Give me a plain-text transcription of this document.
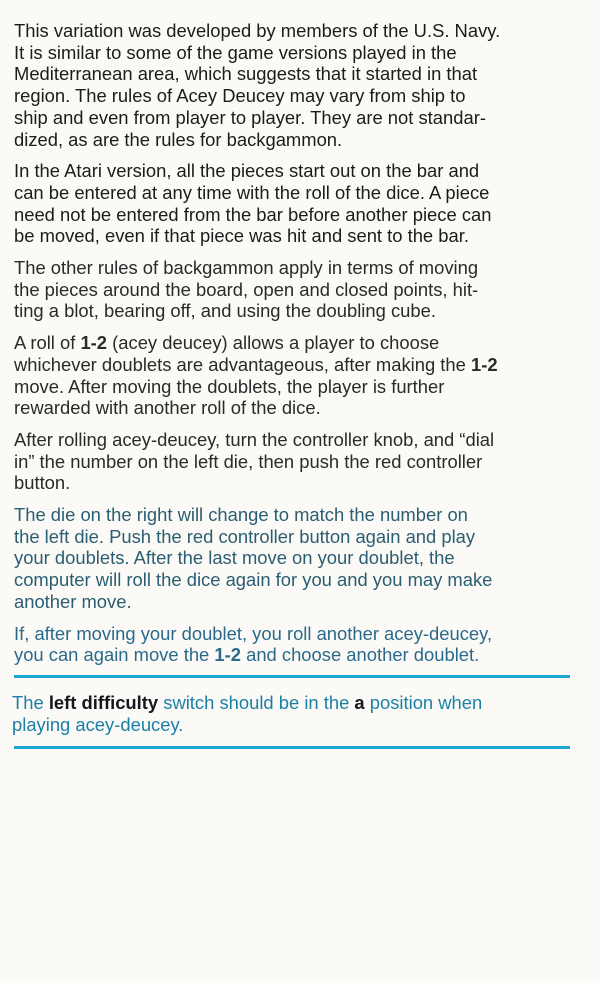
This variation was developed by members of the U.S. Navy.

It is similar to some of the game versions played in the

Mediterranean area, which suggests that it started in that

region. The rules of Acey Deucey may vary from ship to

ship and even from player to player. They are not standar-

dized, as are the rules for backgammon.

In the Atari version, all the pieces start out on the bar and

can be entered at any time with the roll of the dice. A piece

need not be entered from the bar before another piece can

be moved, even if that piece was hit and sent to the bar.

The other rules of backgammon apply in terms of moving

the pieces around the board, open and closed points, hit-

ting a blot, bearing off, and using the doubling cube.

A roll of 1-2 (acey deucey) allows a player to choose

whichever doublets are advantageous, after making the 1-2

move. After moving the doublets, the player is further

rewarded with another roll of the dice.

After rolling acey-deucey, turn the controller knob, and “dial

in” the number on the left die, then push the red controller

button.

The die on the right will change to match the number on

the left die. Push the red controller button again and play

your doublets. After the last move on your doublet, the

computer will roll the dice again for you and you may make

another move.

If, after moving your doublet, you roll another acey-deucey,

you can again move the 1-2 and choose another doublet.

The left difficulty switch should be in the a position when

playing acey-deucey.
